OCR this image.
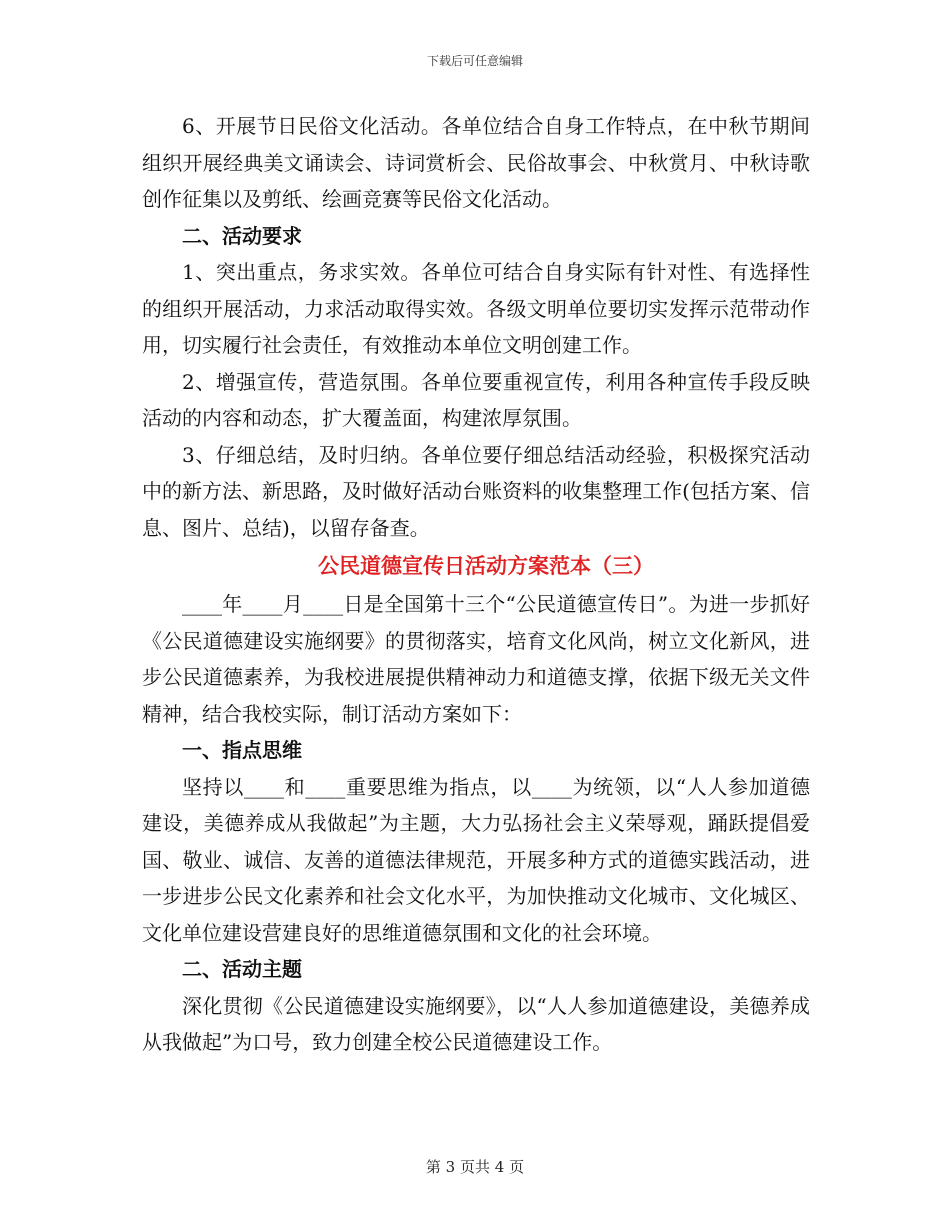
下载后可任意编辑

6、开展节日民俗文化活动。各单位结合自身工作特点，在中秋节期间组织开展经典美文诵读会、诗词赏析会、民俗故事会、中秋赏月、中秋诗歌创作征集以及剪纸、绘画竞赛等民俗文化活动。

二、活动要求

1、突出重点，务求实效。各单位可结合自身实际有针对性、有选择性的组织开展活动，力求活动取得实效。各级文明单位要切实发挥示范带动作用，切实履行社会责任，有效推动本单位文明创建工作。

2、增强宣传，营造氛围。各单位要重视宣传，利用各种宣传手段反映活动的内容和动态，扩大覆盖面，构建浓厚氛围。

3、仔细总结，及时归纳。各单位要仔细总结活动经验，积极探究活动中的新方法、新思路，及时做好活动台账资料的收集整理工作(包括方案、信息、图片、总结)，以留存备查。

公民道德宣传日活动方案范本（三）

____年____月____日是全国第十三个“公民道德宣传日”。为进一步抓好《公民道德建设实施纲要》的贯彻落实，培育文化风尚，树立文化新风，进步公民道德素养，为我校进展提供精神动力和道德支撑，依据下级无关文件精神，结合我校实际，制订活动方案如下：

一、指点思维

坚持以____和____重要思维为指点，以____为统领，以“人人参加道德建设，美德养成从我做起”为主题，大力弘扬社会主义荣辱观，踊跃提倡爱国、敬业、诚信、友善的道德法律规范，开展多种方式的道德实践活动，进一步进步公民文化素养和社会文化水平，为加快推动文化城市、文化城区、文化单位建设营建良好的思维道德氛围和文化的社会环境。

二、活动主题

深化贯彻《公民道德建设实施纲要》，以“人人参加道德建设，美德养成从我做起”为口号，致力创建全校公民道德建设工作。

第 3 页共 4 页
